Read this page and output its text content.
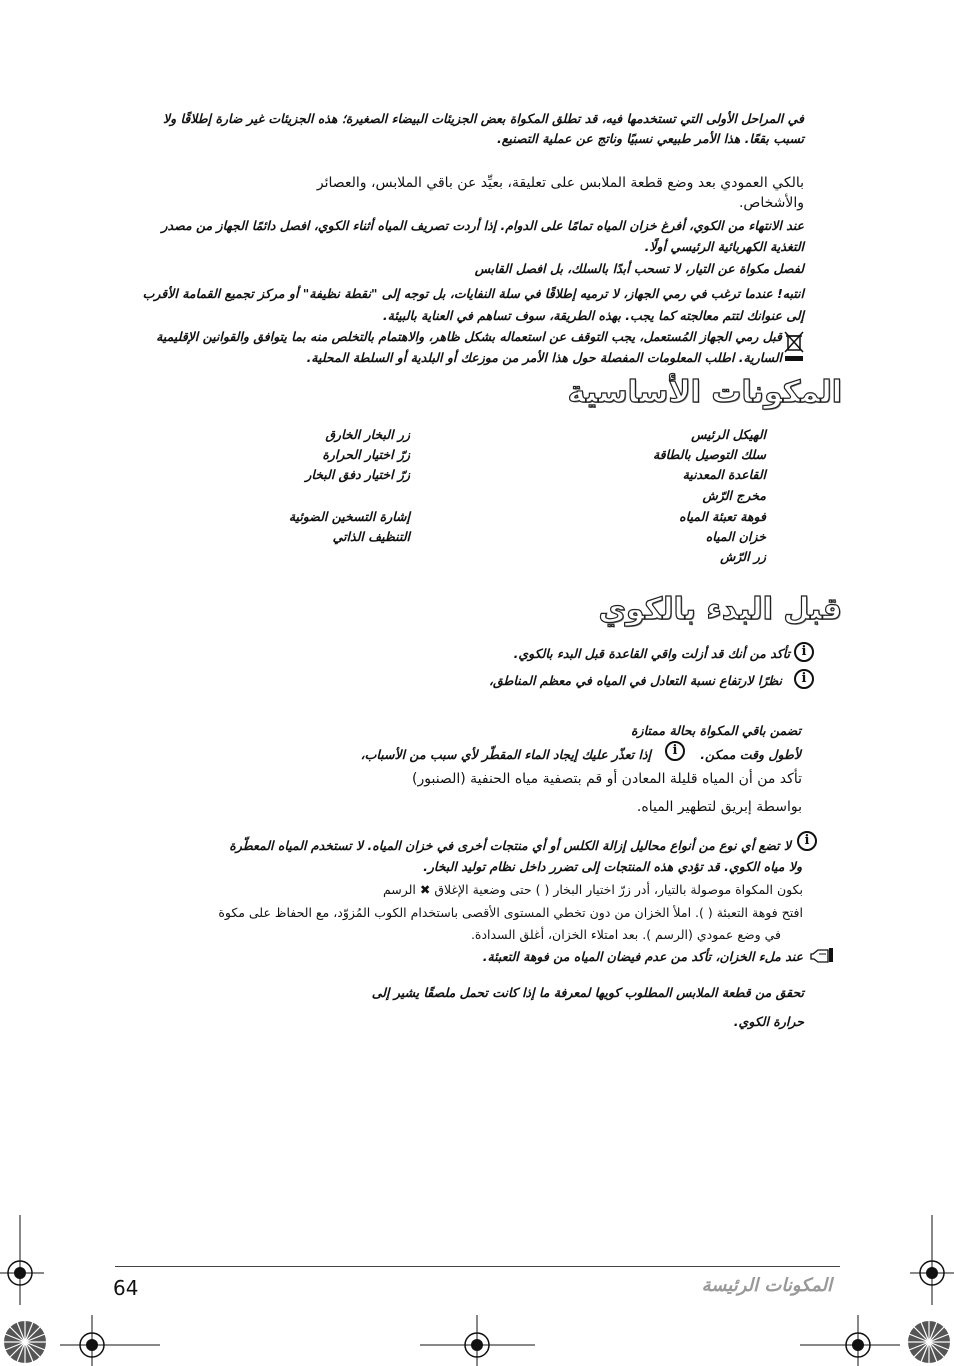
في المراحل الأولى التي تستخدمها فيه، قد تطلق المكواة بعض الجزيئات البيضاء الصغيرة؛ هذه الجزيئات غير ضارة إطلاقًا ولا
تسبب بقعًا. هذا الأمر طبيعي نسبيًا وناتج عن عملية التصنيع.
بالكي العمودي بعد وضع قطعة الملابس على تعليقة، بعيِّد عن باقي الملابس، والعصائر
والأشخاص.
عند الانتهاء من الكوي، أفرغ خزان المياه تمامًا على الدوام. إذا أردت تصريف المياه أثناء الكوي، افصل دائمًا الجهاز من مصدر
التغذية الكهربائية الرئيسي أولًا.
لفصل مكواة عن التيار، لا تسحب أبدًا بالسلك، بل افصل القابس
انتبه! عندما ترغب في رمي الجهاز، لا ترميه إطلاقًا في سلة النفايات، بل توجه إلى "نقطة نظيفة" أو مركز تجميع القمامة الأقرب
إلى عنوانك لتتم معالجته كما يجب. بهذه الطريقة، سوف تساهم في العناية بالبيئة.
قبل رمي الجهاز المُستعمل، يجب التوقف عن استعماله بشكل ظاهر، والاهتمام بالتخلص منه بما يتوافق والقوانين الإقليمية
السارية. اطلب المعلومات المفصلة حول هذا الأمر من موزعك أو البلدية أو السلطة المحلية.
المكونات الأساسية
الهيكل الرئيس
سلك التوصيل بالطاقة
القاعدة المعدنية
مخرج الرّش
فوهة تعبئة المياه
خزان المياه
زر الرّش
زر البخار الخارق
زرّ اختيار الحرارة
زرّ اختيار دفق البخار
إشارة التسخين الضوئية
التنظيف الذاتي
قبل البدء بالكوي
i
تأكد من أنك قد أزلت واقي القاعدة قبل البدء بالكوي.
i
نظرًا لارتفاع نسبة التعادل في المياه في معظم المناطق،
تضمن باقي المكواة بحالة ممتازة
لأطول وقت ممكن.
i
إذا تعذّر عليك إيجاد الماء المقطّر لأي سبب من الأسباب،
تأكد من أن المياه قليلة المعادن أو قم بتصفية مياه الحنفية (الصنبور)
بواسطة إبريق لتطهير المياه.
i
لا تضع أي نوع من أنواع محاليل إزالة الكلس أو أي منتجات أخرى في خزان المياه. لا تستخدم المياه المعطّرة
ولا مياه الكوي. قد تؤدي هذه المنتجات إلى تضرر داخل نظام توليد البخار.
بكون المكواة موصولة بالتيار، أدر زرّ اختيار البخار ( ) حتى وضعية الإغلاق ✖ الرسم
افتح فوهة التعبئة ( ). املأ الخزان من دون تخطي المستوى الأقصى باستخدام الكوب المُزوّد، مع الحفاظ على مكوة
في وضع عمودي (الرسم ). بعد امتلاء الخزان، أغلق السدادة.
عند ملء الخزان، تأكد من عدم فيضان المياه من فوهة التعبئة.
تحقق من قطعة الملابس المطلوب كويها لمعرفة ما إذا كانت تحمل ملصقًا يشير إلى
حرارة الكوي.
64	المكونات الرئيسة
